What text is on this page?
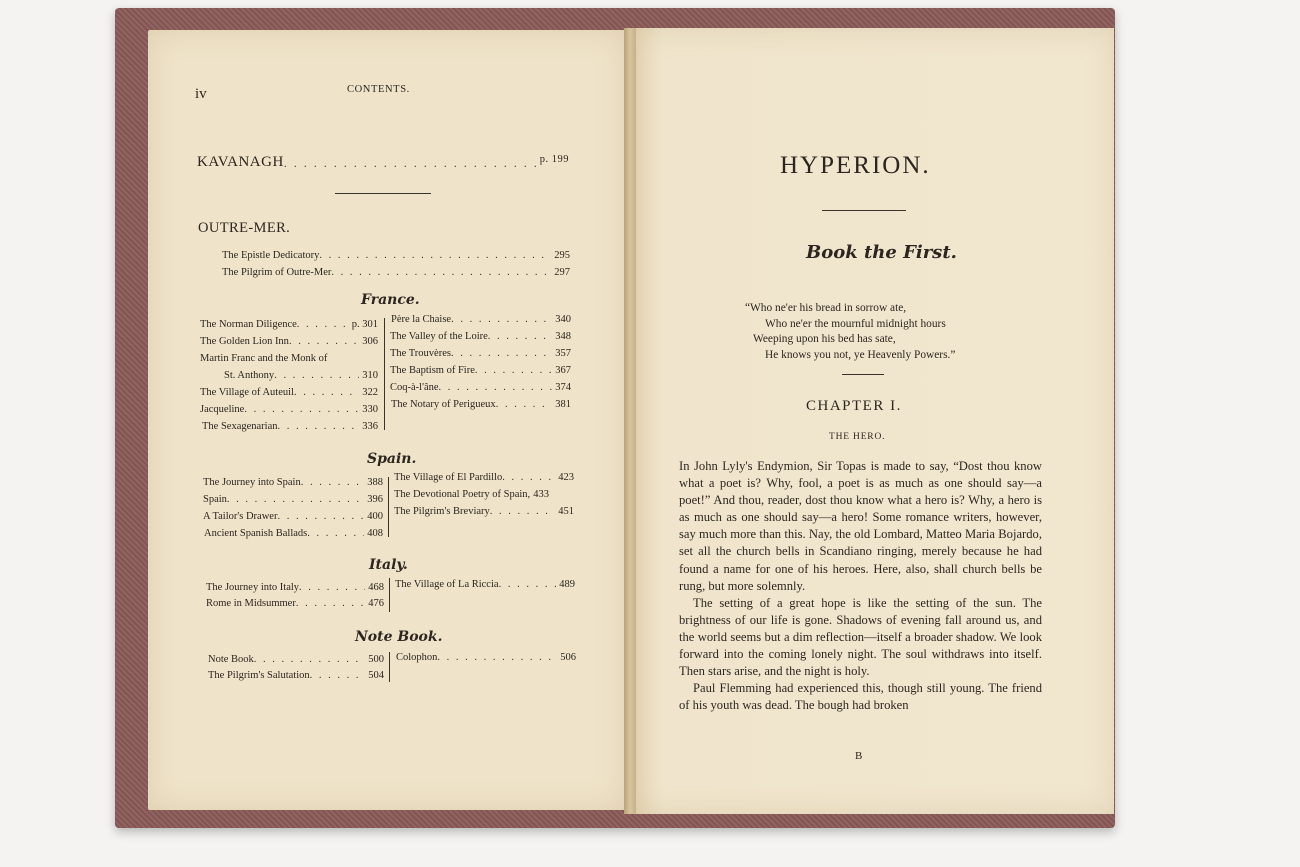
iv	CONTENTS.
KAVANAGH . . .	p. 199
OUTRE-MER.
The Epistle Dedicatory . . .	295
The Pilgrim of Outre-Mer . . .	297
France.
The Norman Diligence . . .	p. 301
The Golden Lion Inn . . .	306
Martin Franc and the Monk of
St. Anthony . . .	310
The Village of Auteuil . . .	322
Jacqueline . . .	330
The Sexagenarian . . .	336
Père la Chaise . . .	340
The Valley of the Loire . . .	348
The Trouvères . . .	357
The Baptism of Fire . . .	367
Coq-à-l'âne . . .	374
The Notary of Perigueux . . .	381
Spain.
The Journey into Spain . . .	388
Spain . . .	396
A Tailor's Drawer . . .	400
Ancient Spanish Ballads . . .	408
The Village of El Pardillo . . .	423
The Devotional Poetry of Spain, 433
The Pilgrim's Breviary . . .	451
Italy.
The Journey into Italy . . .	468
Rome in Midsummer . . .	476
The Village of La Riccia . . .	489
Note Book.
Note Book . . .	500
The Pilgrim's Salutation . . .	504
Colophon . . .	506
HYPERION.
Book the First.
“Who ne'er his bread in sorrow ate,
Who ne'er the mournful midnight hours
Weeping upon his bed has sate,
He knows you not, ye Heavenly Powers.”
CHAPTER I.
THE HERO.

In John Lyly's Endymion, Sir Topas is made to say, “Dost thou know what a poet is? Why, fool, a poet is as much as one should say—a poet!” And thou, reader, dost thou know what a hero is? Why, a hero is as much as one should say—a hero! Some romance writers, however, say much more than this. Nay, the old Lombard, Matteo Maria Bojardo, set all the church bells in Scandiano ringing, merely because he had found a name for one of his heroes. Here, also, shall church bells be rung, but more solemnly.

The setting of a great hope is like the setting of the sun. The brightness of our life is gone. Shadows of evening fall around us, and the world seems but a dim reflection—itself a broader shadow. We look forward into the coming lonely night. The soul withdraws into itself. Then stars arise, and the night is holy.

Paul Flemming had experienced this, though still young. The friend of his youth was dead. The bough had broken

B
